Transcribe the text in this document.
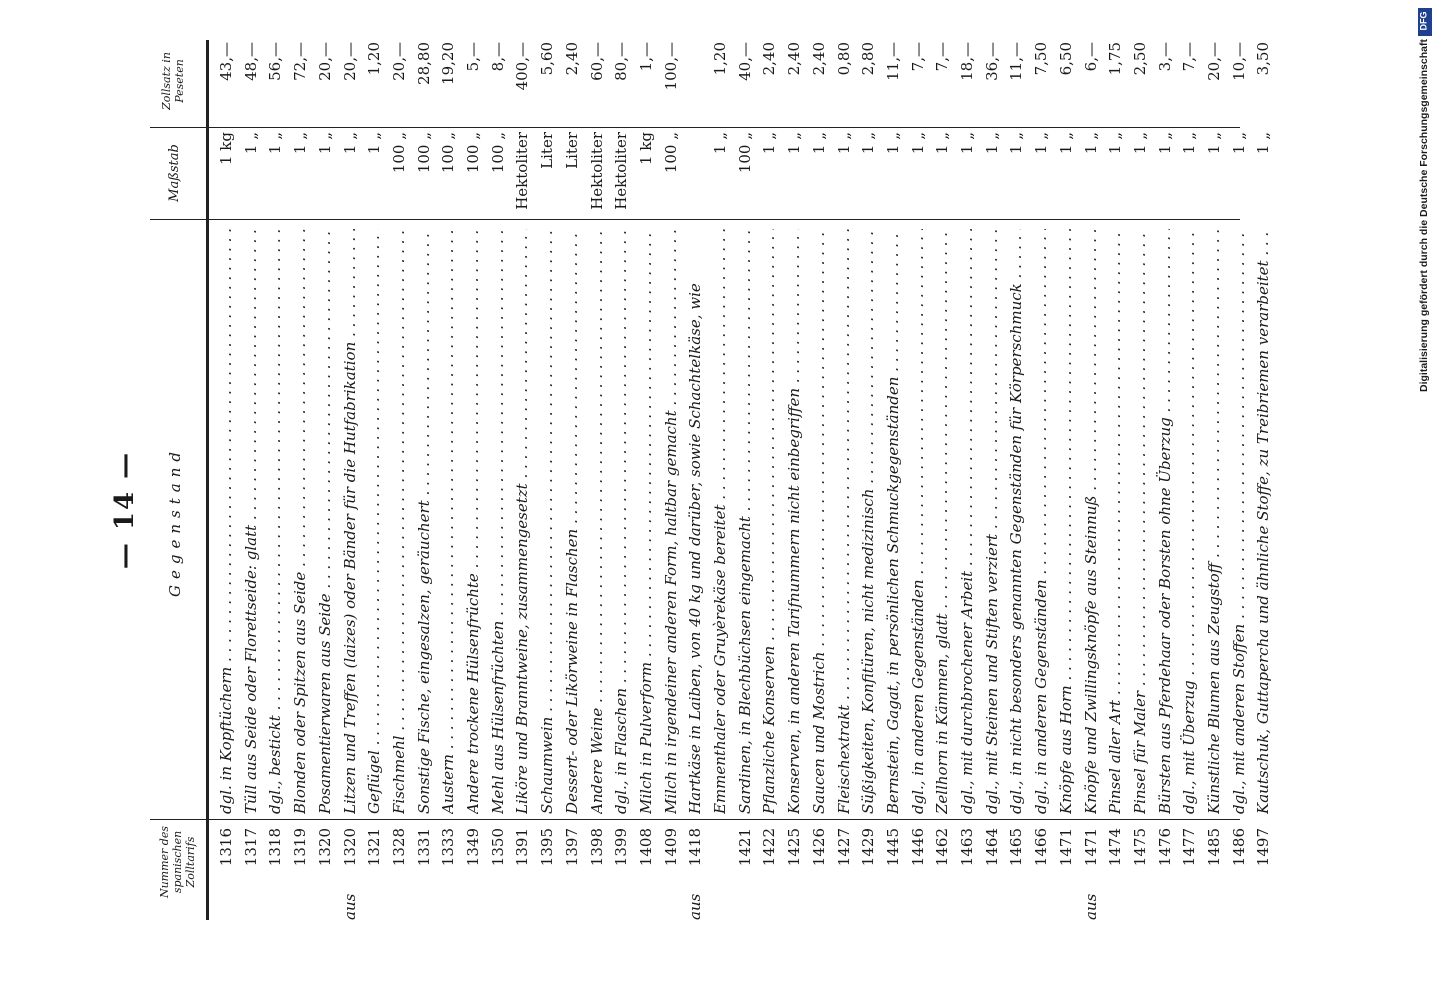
— 14 —
Nummer des spanischen Zolltarifs
Gegenstand
Maßstab
Zollsatz in Peseten
1316
dgl. in Kopftüchern . . .
1 kg
43,—
1317
Tüll aus Seide oder Florettseide: glatt . . .
1 „
48,—
1318
dgl., bestickt . . .
1 „
56,—
1319
Blonden oder Spitzen aus Seide . . .
1 „
72,—
1320
Posamentierwaren aus Seide . . .
1 „
20,—
aus
1320
Litzen und Treffen (laizes) oder Bänder für die Hutfabrikation . . .
1 „
20,—
1321
Geflügel . . .
1 „
1,20
1328
Fischmehl . . .
100 „
20,—
1331
Sonstige Fische, eingesalzen, geräuchert . . .
100 „
28,80
1333
Austern . . .
100 „
19,20
1349
Andere trockene Hülsenfrüchte . . .
100 „
5,—
1350
Mehl aus Hülsenfrüchten . . .
100 „
8,—
1391
Liköre und Branntweine, zusammengesetzt . . .
Hektoliter
400,—
1395
Schaumwein . . .
Liter
5,60
1397
Dessert- oder Likörweine in Flaschen . . .
Liter
2,40
1398
Andere Weine . . .
Hektoliter
60,—
1399
dgl., in Flaschen . . .
Hektoliter
80,—
1408
Milch in Pulverform . . .
1 kg
1,—
1409
Milch in irgendeiner anderen Form, haltbar gemacht . . .
100 „
100,—
aus
1418
Hartkäse in Laiben, von 40 kg und darüber, sowie Schachtelkäse, wie Emmenthaler oder Gruyèrekäse bereitet . . .
1 „
1,20
1421
Sardinen, in Blechbüchsen eingemacht . . .
100 „
40,—
1422
Pflanzliche Konserven . . .
1 „
2,40
1425
Konserven, in anderen Tarifnummern nicht einbegriffen . . .
1 „
2,40
1426
Saucen und Mostrich . . .
1 „
2,40
1427
Fleischextrakt . . .
1 „
0,80
1429
Süßigkeiten, Konfitüren, nicht medizinisch . . .
1 „
2,80
1445
Bernstein, Gagat, in persönlichen Schmuckgegenständen . . .
1 „
11,—
1446
dgl., in anderen Gegenständen . . .
1 „
7,—
1462
Zellhorn in Kämmen, glatt . . .
1 „
7,—
1463
dgl., mit durchbrochener Arbeit . . .
1 „
18,—
1464
dgl., mit Steinen und Stiften verziert . . .
1 „
36,—
1465
dgl., in nicht besonders genannten Gegenständen für Körperschmuck . . .
1 „
11,—
1466
dgl., in anderen Gegenständen . . .
1 „
7,50
1471
Knöpfe aus Horn . . .
1 „
6,50
aus
1471
Knöpfe und Zwillingsknöpfe aus Steinnuß . . .
1 „
6,—
1474
Pinsel aller Art . . .
1 „
1,75
1475
Pinsel für Maler . . .
1 „
2,50
1476
Bürsten aus Pferdehaar oder Borsten ohne Überzug . . .
1 „
3,—
1477
dgl., mit Überzug . . .
1 „
7,—
1485
Künstliche Blumen aus Zeugstoff . . .
1 „
20,—
1486
dgl., mit anderen Stoffen . . .
1 „
10,—
1497
Kautschuk, Guttapercha und ähnliche Stoffe, zu Treibriemen verarbeitet . . .
1 „
3,50	Digitalisierung gefördert durch die Deutsche Forschungsgemeinschaft
DFG
